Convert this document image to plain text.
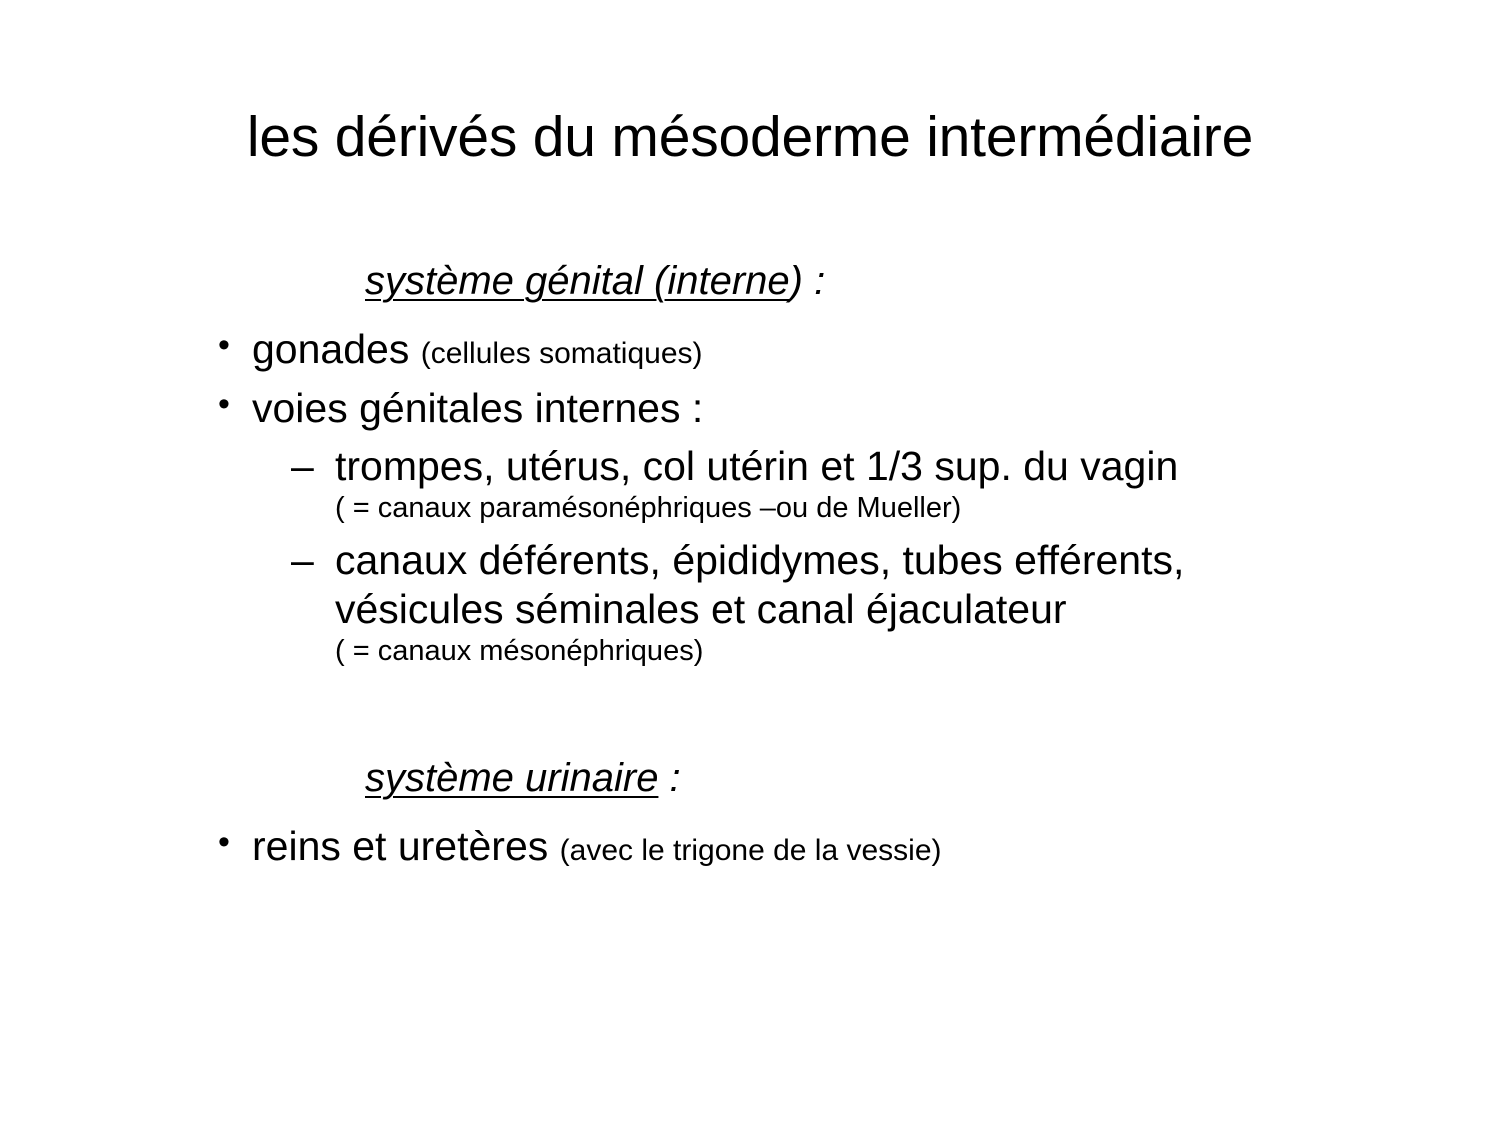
les dérivés du mésoderme intermédiaire

système génital (interne) :

• gonades (cellules somatiques)

• voies génitales internes :

– trompes, utérus, col utérin et 1/3 sup. du vagin

( = canaux paramésonéphriques –ou de Mueller)

– canaux déférents, épididymes, tubes efférents, vésicules séminales et canal éjaculateur

( = canaux mésonéphriques)

système urinaire :

• reins et uretères (avec le trigone de la vessie)
